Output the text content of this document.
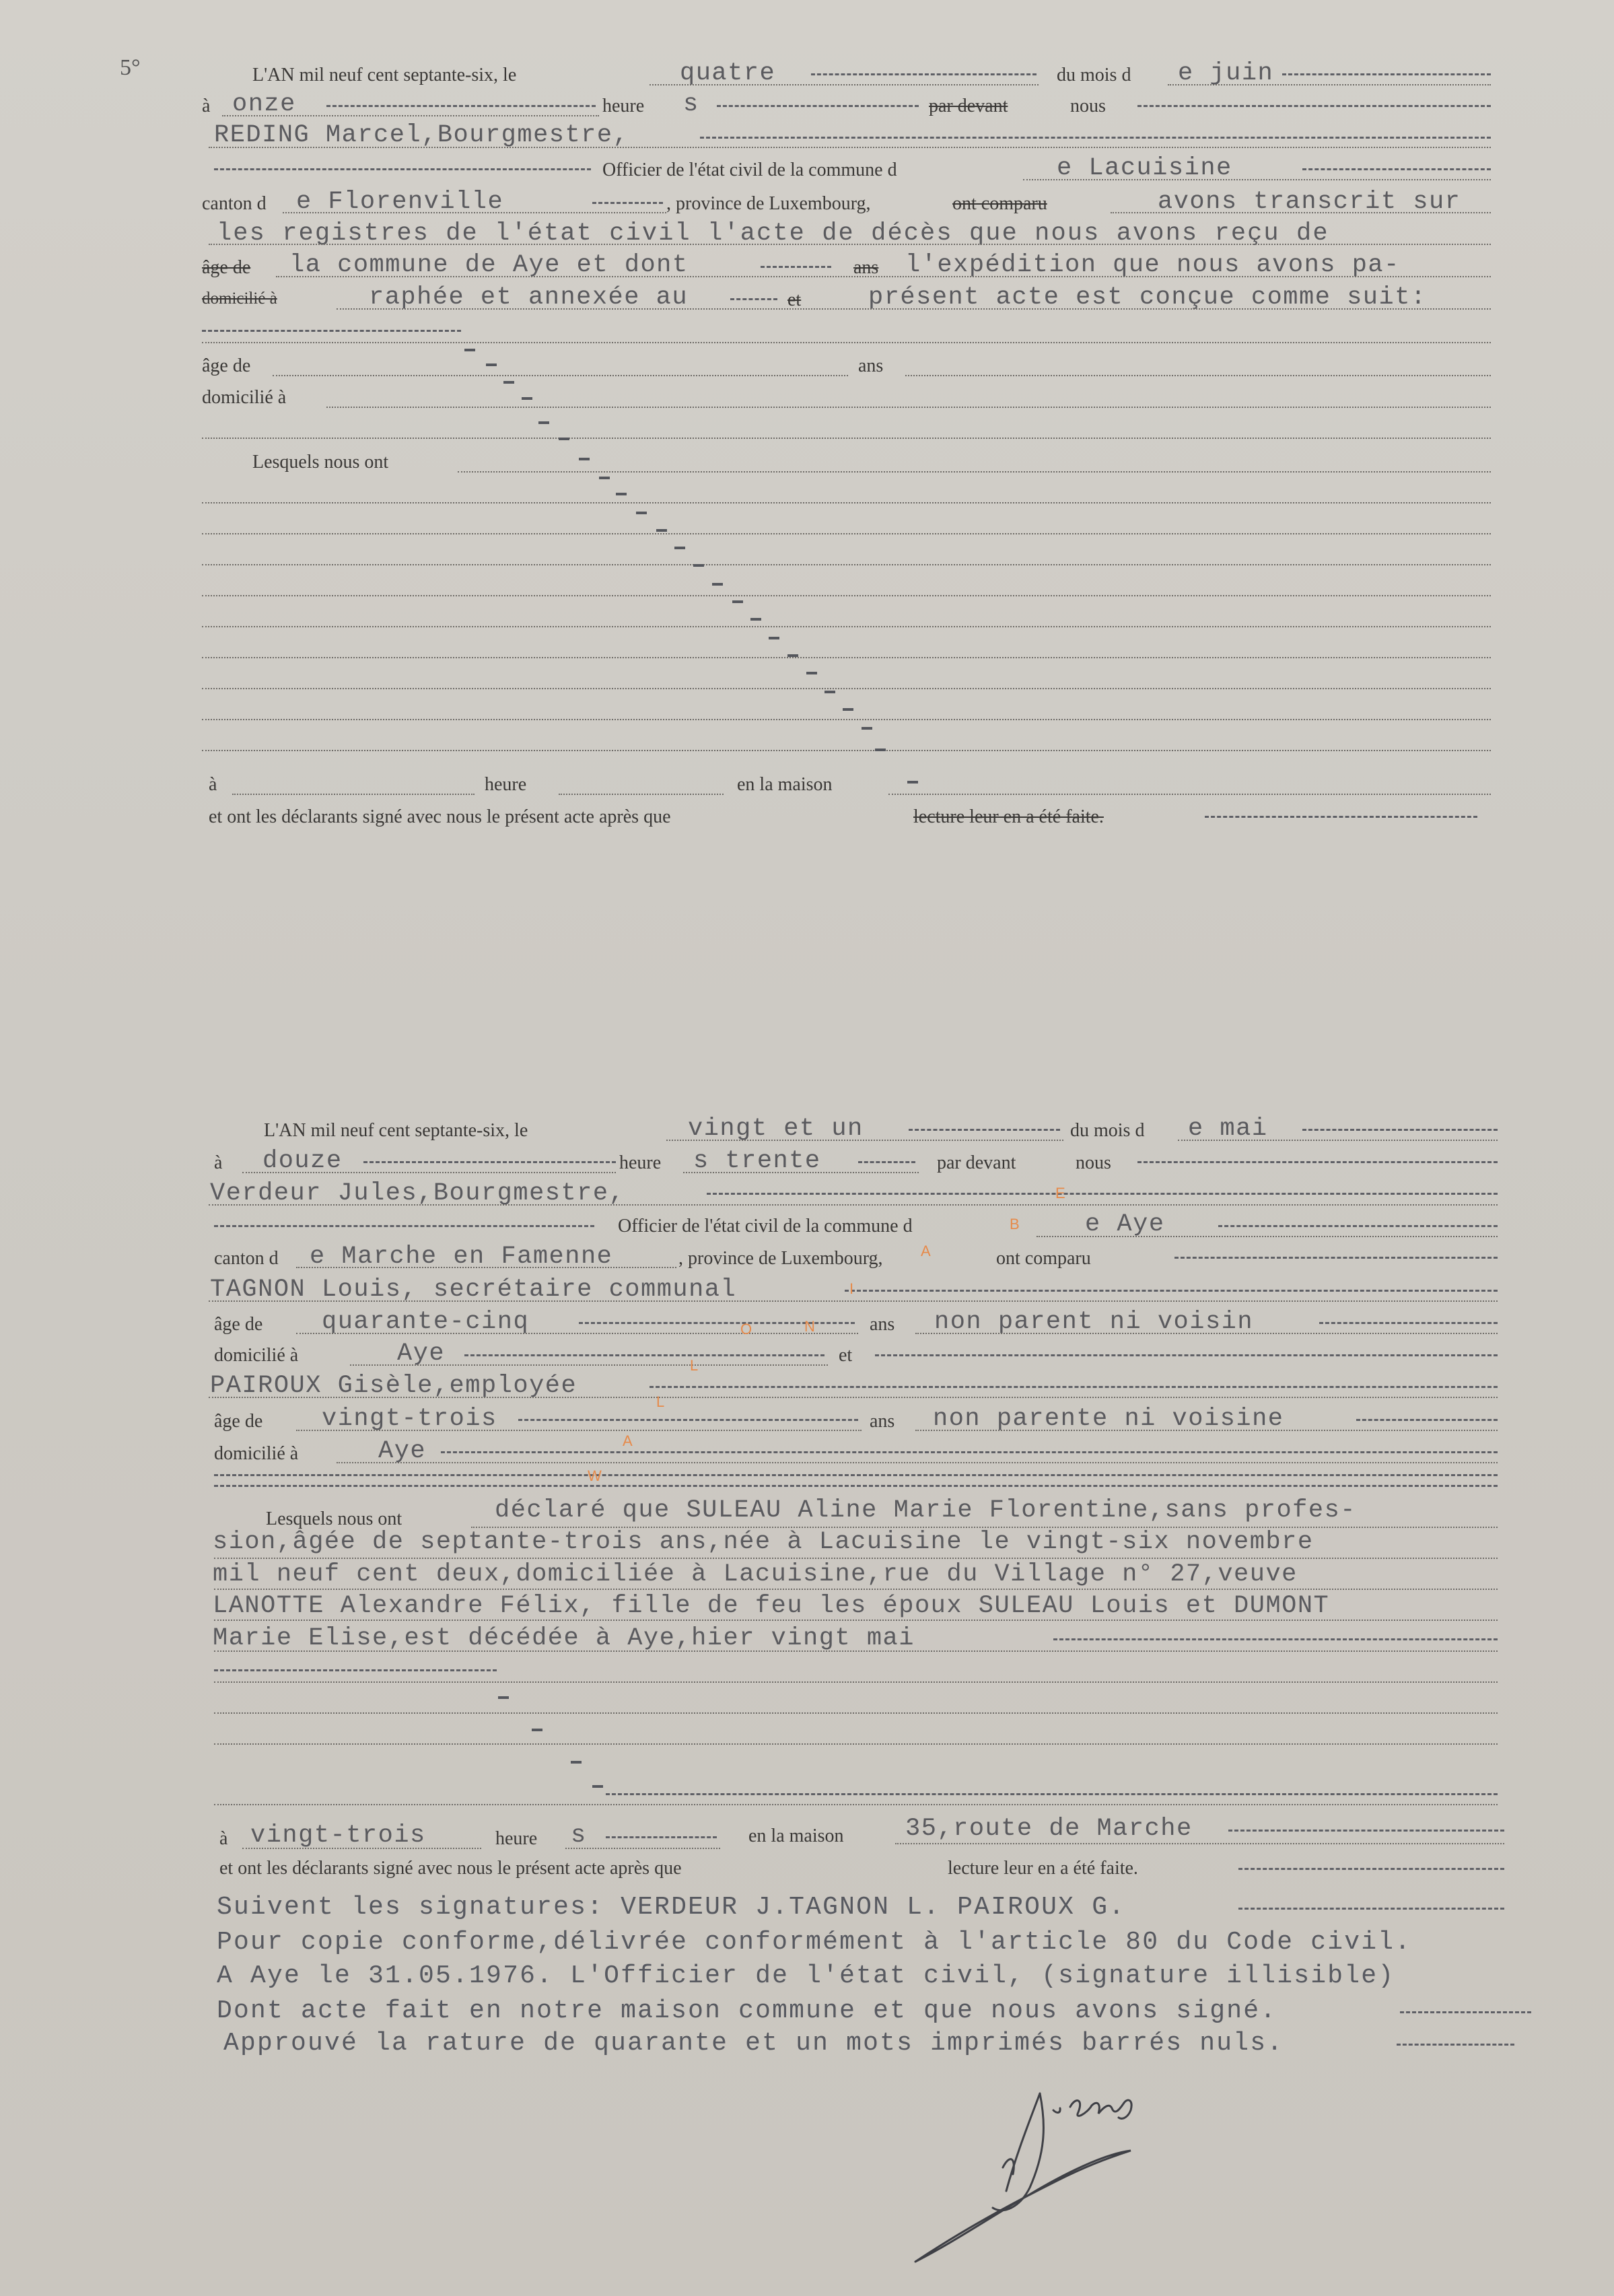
5°	L'AN mil neuf cent septante-six, le	quatre	du mois d e juin
à onze	heure s	par devant	nous
REDING Marcel,Bourgmestre,
Officier de l'état civil de la commune d	e Lacuisine
canton d e Florenville	, province de Luxembourg,	ont comparu	avons transcrit sur
les registres de l'état civil l'acte de décès que nous avons reçu de
âge de la commune de Aye et dont	ans l'expédition que nous avons pa-
domicilié à	raphée et annexée au	et	présent acte est conçue comme suit:
âge de	ans
domicilié à
Lesquels nous ont
à	heure	en la maison
et ont les déclarants signé avec nous le présent acte après que	lecture leur en a été faite.
L'AN mil neuf cent septante-six, le	vingt et un	du mois d e mai
à douze	heure s trente	par devant	nous
Verdeur Jules,Bourgmestre,
Officier de l'état civil de la commune d	e Aye
canton d e Marche en Famenne	, province de Luxembourg,	ont comparu
TAGNON Louis, secrétaire communal
âge de quarante-cinq	ans non parent ni voisin
domicilié à	Aye	et
PAIROUX Gisèle,employée
âge de vingt-trois	ans non parente ni voisine
domicilié à	Aye
Lesquels nous ont	déclaré que SULEAU Aline Marie Florentine,sans profes-
sion,âgée de septante-trois ans,née à Lacuisine le vingt-six novembre
mil neuf cent deux,domiciliée à Lacuisine,rue du Village n° 27,veuve
LANOTTE Alexandre Félix, fille de feu les époux SULEAU Louis et DUMONT
Marie Elise,est décédée à Aye,hier vingt mai
à vingt-trois	heure s	en la maison 35,route de Marche
et ont les déclarants signé avec nous le présent acte après que	lecture leur en a été faite.
Suivent les signatures: VERDEUR J.TAGNON L. PAIROUX G.
Pour copie conforme,délivrée conformément à l'article 80 du Code civil.
A Aye le 31.05.1976. L'Officier de l'état civil, (signature illisible)
Dont acte fait en notre maison commune et que nous avons signé.
Approuvé la rature de quarante et un mots imprimés barrés nuls.
W
A
L
L
O	N
I
A
B
E
